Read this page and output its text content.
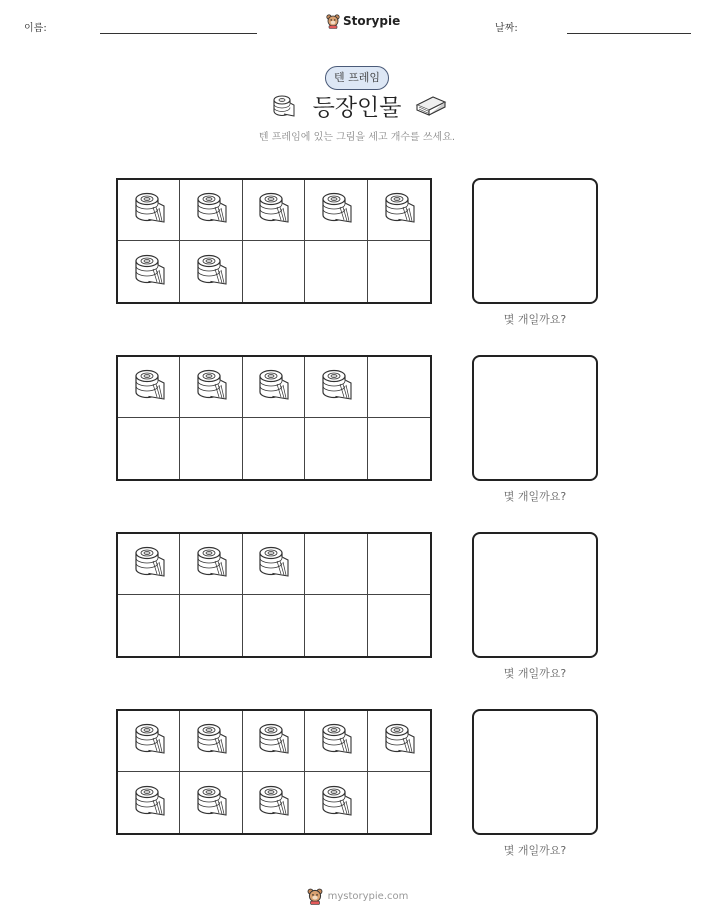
이름:
Storypie
날짜:
텐 프레임
등장인물
텐 프레임에 있는 그림을 세고 개수를 쓰세요.
몇 개일까요?
몇 개일까요?
몇 개일까요?
몇 개일까요?
mystorypie.com
